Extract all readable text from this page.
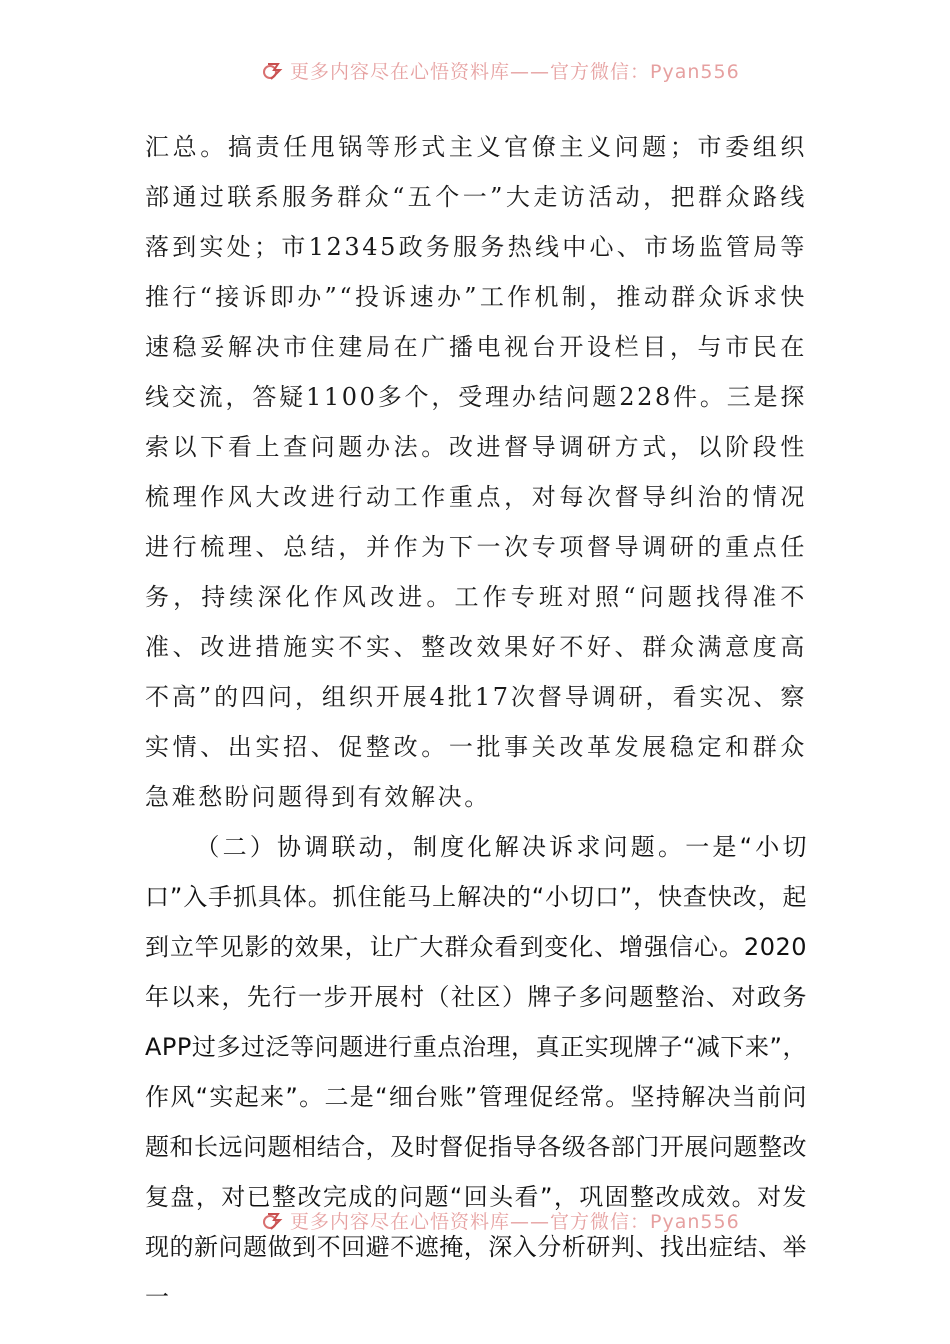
更多内容尽在心悟资料库——官方微信：Pyan556

汇总。搞责任甩锅等形式主义官僚主义问题；市委组织部通过联系服务群众“五个一”大走访活动，把群众路线落到实处；市12345政务服务热线中心、市场监管局等推行“接诉即办”“投诉速办”工作机制，推动群众诉求快速稳妥解决市住建局在广播电视台开设栏目，与市民在线交流，答疑1100多个，受理办结问题228件。三是探索以下看上查问题办法。改进督导调研方式，以阶段性梳理作风大改进行动工作重点，对每次督导纠治的情况进行梳理、总结，并作为下一次专项督导调研的重点任务，持续深化作风改进。工作专班对照“问题找得准不准、改进措施实不实、整改效果好不好、群众满意度高不高”的四问，组织开展4批17次督导调研，看实况、察实情、出实招、促整改。一批事关改革发展稳定和群众急难愁盼问题得到有效解决。

（二）协调联动，制度化解决诉求问题。一是“小切口”入手抓具体。抓住能马上解决的“小切口”，快查快改，起到立竿见影的效果，让广大群众看到变化、增强信心。2020年以来，先行一步开展村（社区）牌子多问题整治、对政务APP过多过泛等问题进行重点治理，真正实现牌子“减下来”，作风“实起来”。二是“细台账”管理促经常。坚持解决当前问题和长远问题相结合，及时督促指导各级各部门开展问题整改复盘，对已整改完成的问题“回头看”，巩固整改成效。对发现的新问题做到不回避不遮掩，深入分析研判、找出症结、举一

更多内容尽在心悟资料库——官方微信：Pyan556
